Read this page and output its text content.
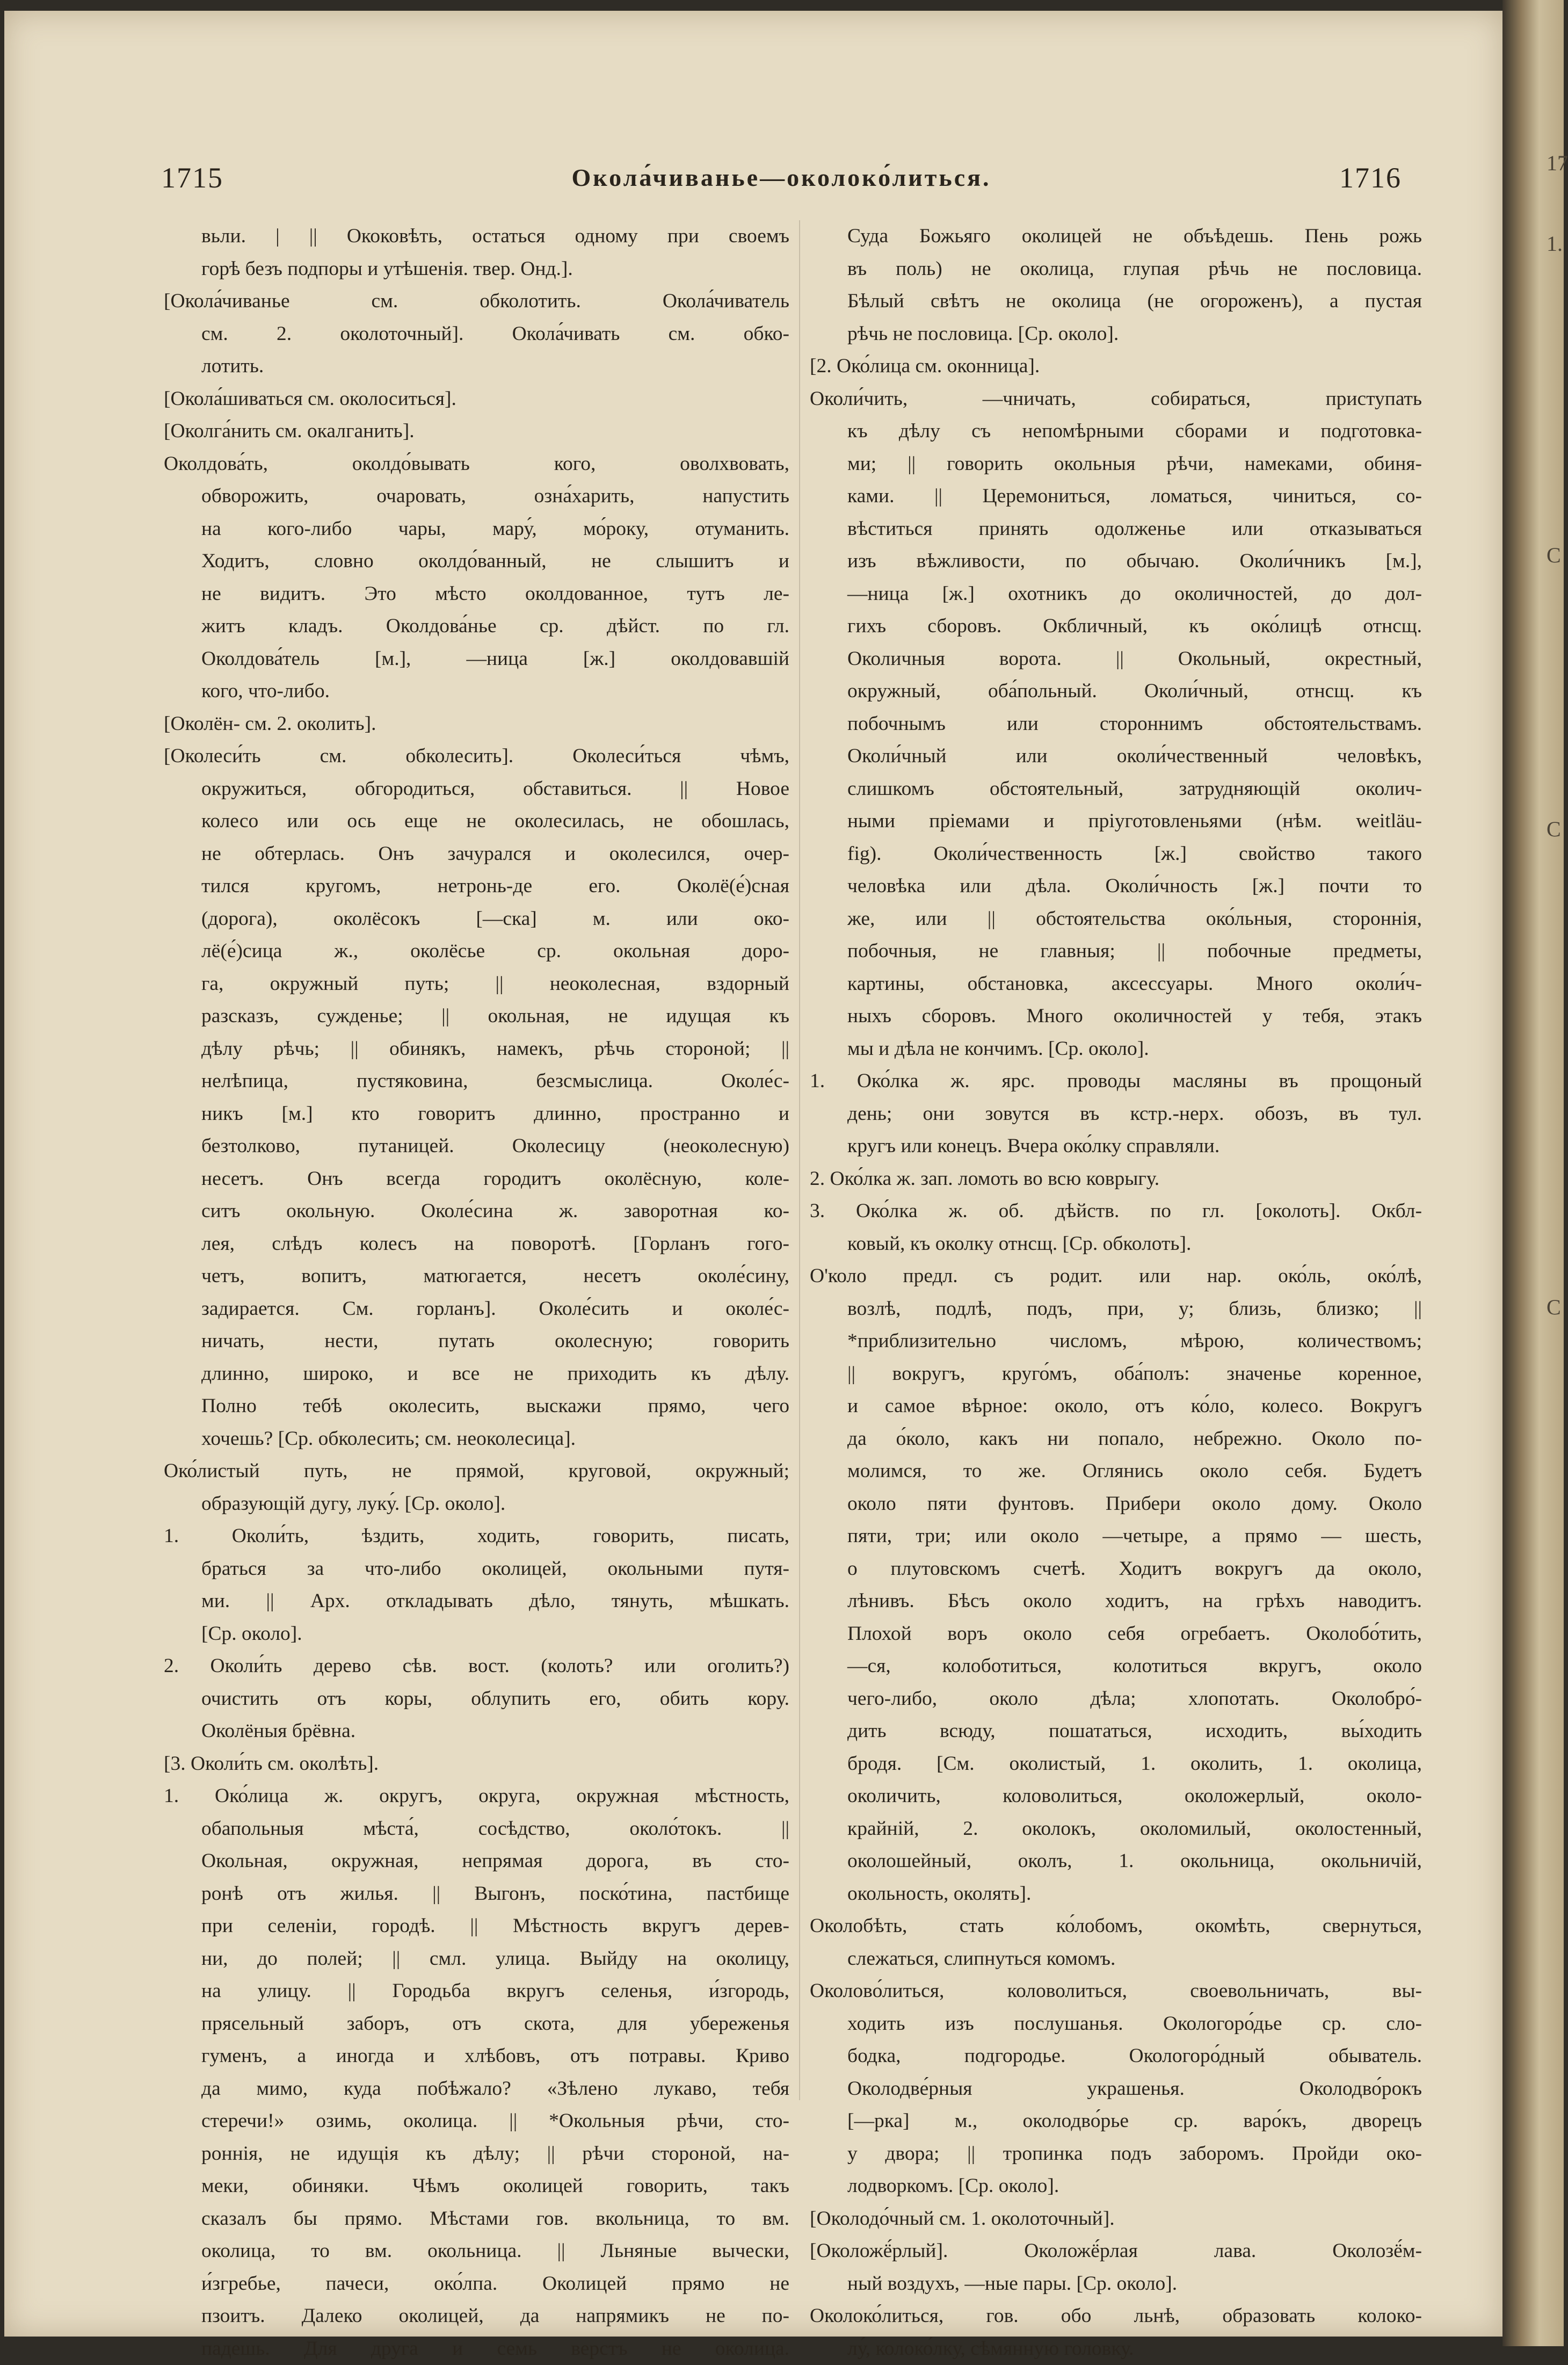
17
1.
С
С
С
1715	Окола́чиванье—околоко́литься.	1716
вьли. | || Ококовѣть, остаться одному при своемъ
горѣ безъ подпоры и утѣшенія. твер. Онд.].
[Окола́чиванье см. обколотить. Окола́чиватель
см. 2. околоточный]. Окола́чивать см. обко-
лотить.
[Окола́шиваться см. околоситься].
[Околга́нить см. окалганить].
Околдова́ть, околдо́вывать кого, оволхвовать,
обворожить, очаровать, озна́харить, напустить
на кого-либо чары, мару́, мо́року, отуманить.
Ходитъ, словно околдо́ванный, не слышитъ и
не видитъ. Это мѣсто околдованное, тутъ ле-
житъ кладъ. Околдова́нье ср. дѣйст. по гл.
Околдова́тель [м.], —ница [ж.] околдовавшій
кого, что-либо.
[Околён- см. 2. околить].
[Околеси́ть см. обколесить]. Околеси́ться чѣмъ,
окружиться, обгородиться, обставиться. || Новое
колесо или ось еще не околесилась, не обошлась,
не обтерлась. Онъ зачурался и околесился, очер-
тился кругомъ, нетронь-де его. Околё(е́)сная
(дорога), околёсокъ [—ска] м. или око-
лё(е́)сица ж., околёсье ср. окольная доро-
га, окружный путь; || неоколесная, вздорный
разсказъ, сужденье; || окольная, не идущая къ
дѣлу рѣчь; || обинякъ, намекъ, рѣчь стороной; ||
нелѣпица, пустяковина, безсмыслица. Околе́с-
никъ [м.] кто говоритъ длинно, пространно и
безтолково, путаницей. Околесицу (неоколесную)
несетъ. Онъ всегда городитъ околёсную, коле-
ситъ окольную. Околе́сина ж. заворотная ко-
лея, слѣдъ колесъ на поворотѣ. [Горланъ гого-
четъ, вопитъ, матюгается, несетъ околе́сину,
задирается. См. горланъ]. Околе́сить и околе́с-
ничать, нести, путать околесную; говорить
длинно, широко, и все не приходить къ дѣлу.
Полно тебѣ околесить, выскажи прямо, чего
хочешь? [Ср. обколесить; см. неоколесица].
Око́листый путь, не прямой, круговой, окружный;
образующій дугу, луку́. [Ср. около].
1. Околи́ть, ѣздить, ходить, говорить, писать,
браться за что-либо околицей, окольными путя-
ми. || Арх. откладывать дѣло, тянуть, мѣшкать.
[Ср. около].
2. Околи́ть дерево сѣв. вост. (колоть? или оголить?)
очистить отъ коры, облупить его, обить кору.
Околёныя брёвна.
[3. Околи́ть см. околѣть].
1. Око́лица ж. округъ, округа, окружная мѣстность,
обапольныя мѣста́, сосѣдство, около́токъ. ||
Окольная, окружная, непрямая дорога, въ сто-
ронѣ отъ жилья. || Выгонъ, поско́тина, пастбище
при селеніи, городѣ. || Мѣстность вкругъ дерев-
ни, до полей; || смл. улица. Выйду на околицу,
на улицу. || Городьба вкругъ селенья, и́згородь,
прясельный заборъ, отъ скота, для убереженья
гуменъ, а иногда и хлѣбовъ, отъ потравы. Криво
да мимо, куда побѣжало? «Зѣлено лукаво, тебя
стеречи!» озимь, околица. || *Окольныя рѣчи, сто-
роннія, не идущія къ дѣлу; || рѣчи стороной, на-
меки, обиняки. Чѣмъ околицей говорить, такъ
сказалъ бы прямо. Мѣстами гов. вкольница, то вм.
околица, то вм. окольница. || Льняные вычески,
и́згребье, пачеси, око́лпа. Околицей прямо не
пзоитъ. Далеко околицей, да напрямикъ не по-
падешь. Для друга и семь верстъ не околица.
Суда Божьяго околицей не объѣдешь. Пень рожь
въ поль) не околица, глупая рѣчь не пословица.
Бѣлый свѣтъ не околица (не огороженъ), а пустая
рѣчь не пословица. [Ср. около].
[2. Око́лица см. оконница].
Околи́чить, —чничать, собираться, приступать
къ дѣлу съ непомѣрными сборами и подготовка-
ми; || говорить окольныя рѣчи, намеками, обиня-
ками. || Церемониться, ломаться, чиниться, со-
вѣститься принять одолженье или отказываться
изъ вѣжливости, по обычаю. Околи́чникъ [м.],
—ница [ж.] охотникъ до околичностей, до дол-
гихъ сборовъ. Окбличный, къ око́лицѣ отнсщ.
Околичныя ворота. || Окольный, окрестный,
окружный, оба́польный. Околи́чный, отнсщ. къ
побочнымъ или стороннимъ обстоятельствамъ.
Околи́чный или околи́чественный человѣкъ,
слишкомъ обстоятельный, затрудняющій околич-
ными пріемами и пріуготовленьями (нѣм. weitläu-
fig). Околи́чественность [ж.] свойство такого
человѣка или дѣла. Околи́чность [ж.] почти то
же, или || обстоятельства око́льныя, стороннія,
побочныя, не главныя; || побочные предметы,
картины, обстановка, аксессуары. Много околи́ч-
ныхъ сборовъ. Много околичностей у тебя, этакъ
мы и дѣла не кончимъ. [Ср. около].
1. Око́лка ж. ярс. проводы масляны въ прощоный
день; они зовутся въ кстр.-нерх. обозъ, въ тул.
кругъ или конецъ. Вчера око́лку справляли.
2. Око́лка ж. зап. ломоть во всю коврыгу.
3. Око́лка ж. об. дѣйств. по гл. [околоть]. Окбл-
ковый, къ околку отнсщ. [Ср. обколоть].
О'коло предл. съ родит. или нар. око́ль, око́лѣ,
возлѣ, подлѣ, подъ, при, у; близь, близко; ||
*приблизительно числомъ, мѣрою, количествомъ;
|| вокругъ, круго́мъ, оба́полъ: значенье коренное,
и самое вѣрное: около, отъ ко́ло, колесо. Вокругъ
да о́коло, какъ ни попало, небрежно. Около по-
молимся, то же. Оглянись около себя. Будетъ
около пяти фунтовъ. Прибери около дому. Около
пяти, три; или около —четыре, а прямо — шесть,
о плутовскомъ счетѣ. Ходитъ вокругъ да около,
лѣнивъ. Бѣсъ около ходитъ, на грѣхъ наводитъ.
Плохой воръ около себя огребаетъ. Околобо́тить,
—ся, колоботиться, колотиться вкругъ, около
чего-либо, около дѣла; хлопотать. Околобро́-
дить всюду, пошататься, исходить, вы́ходить
бродя. [См. околистый, 1. околить, 1. околица,
околичить, коловолиться, околожерлый, около-
крайній, 2. околокъ, околомилый, околостенный,
околошейный, околъ, 1. окольница, окольничій,
окольность, околять].
Околобѣть, стать ко́лобомъ, окомѣть, свернуться,
слежаться, слипнуться комомъ.
Околово́литься, коловолиться, своевольничать, вы-
ходить изъ послушанья. Окологоро́дье ср. сло-
бодка, подгородье. Окологоро́дный обыватель.
Околодве́рныя украшенья. Околодво́рокъ
[—рка] м., околодво́рье ср. варо́къ, дворецъ
у двора; || тропинка подъ заборомъ. Пройди око-
лодворкомъ. [Ср. около].
[Околодо́чный см. 1. околоточный].
[Околожё́рлый]. Околожё́рлая лава. Околозё́м-
ный воздухъ, —ные пары. [Ср. около].
Околоко́литься, гов. обо льнѣ, образовать колоко-
лу́, колоко́лку, сѣмянную головку.
